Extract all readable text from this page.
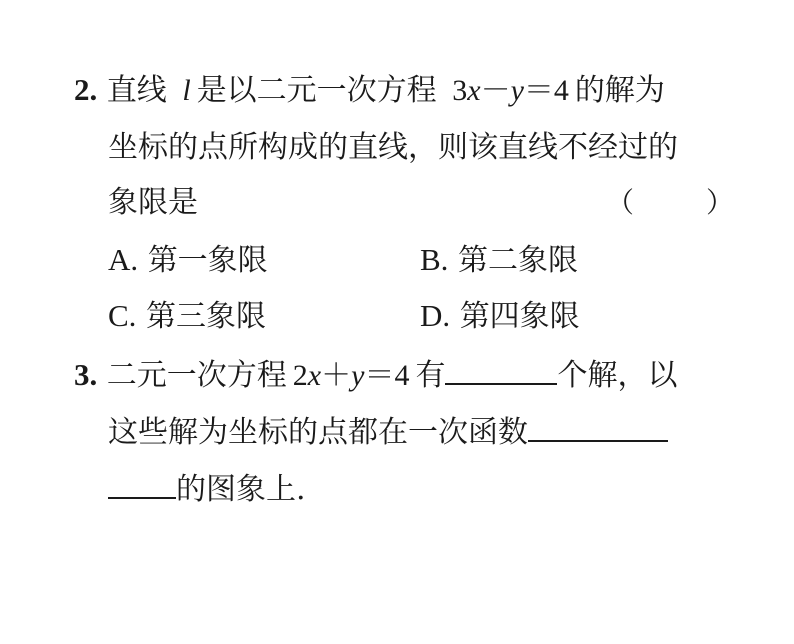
2. 直线 l 是以二元一次方程 3x－y＝4 的解为
坐标的点所构成的直线，则该直线不经过的
象限是	（	）
A. 第一象限	B. 第二象限
C. 第三象限	D. 第四象限
3. 二元一次方程 2x＋y＝4 有	个解，以
这些解为坐标的点都在一次函数
的图象上.
